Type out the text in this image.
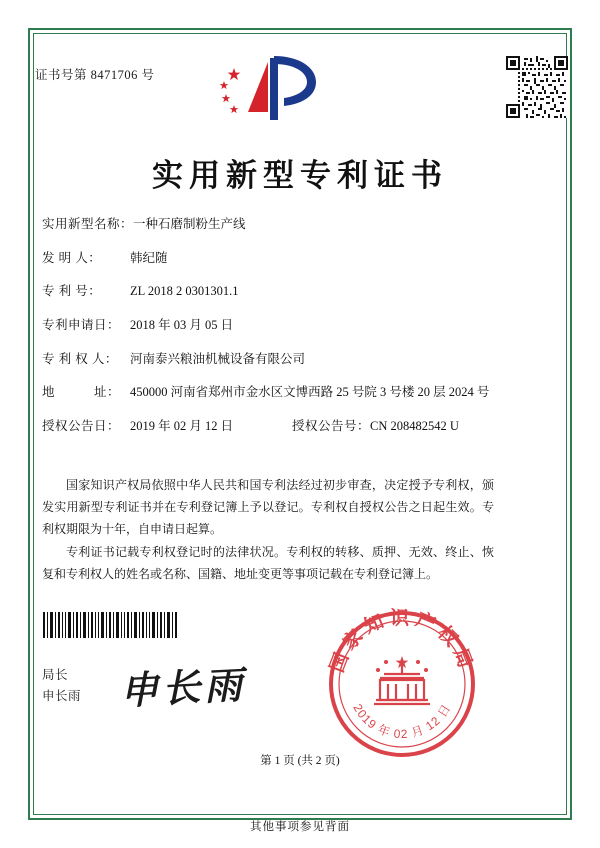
证书号第 8471706 号
实用新型专利证书
实用新型名称： 一种石磨制粉生产线
发 明 人：	韩纪随
专 利 号：	ZL 2018 2 0301301.1
专利申请日： 2018 年 03 月 05 日
专 利 权 人： 河南泰兴粮油机械设备有限公司
地　　　址： 450000 河南省郑州市金水区文博西路 25 号院 3 号楼 20 层 2024 号
授权公告日： 2019 年 02 月 12 日	授权公告号： CN 208482542 U

国家知识产权局依照中华人民共和国专利法经过初步审查，决定授予专利权，颁发实用新型专利证书并在专利登记簿上予以登记。专利权自授权公告之日起生效。专利权期限为十年，自申请日起算。

专利证书记载专利权登记时的法律状况。专利权的转移、质押、无效、终止、恢复和专利权人的姓名或名称、国籍、地址变更等事项记载在专利登记簿上。

局长
申长雨 申长雨
国家知识产权局
2019 年 02 月 12 日
第 1 页 (共 2 页)
其他事项参见背面
